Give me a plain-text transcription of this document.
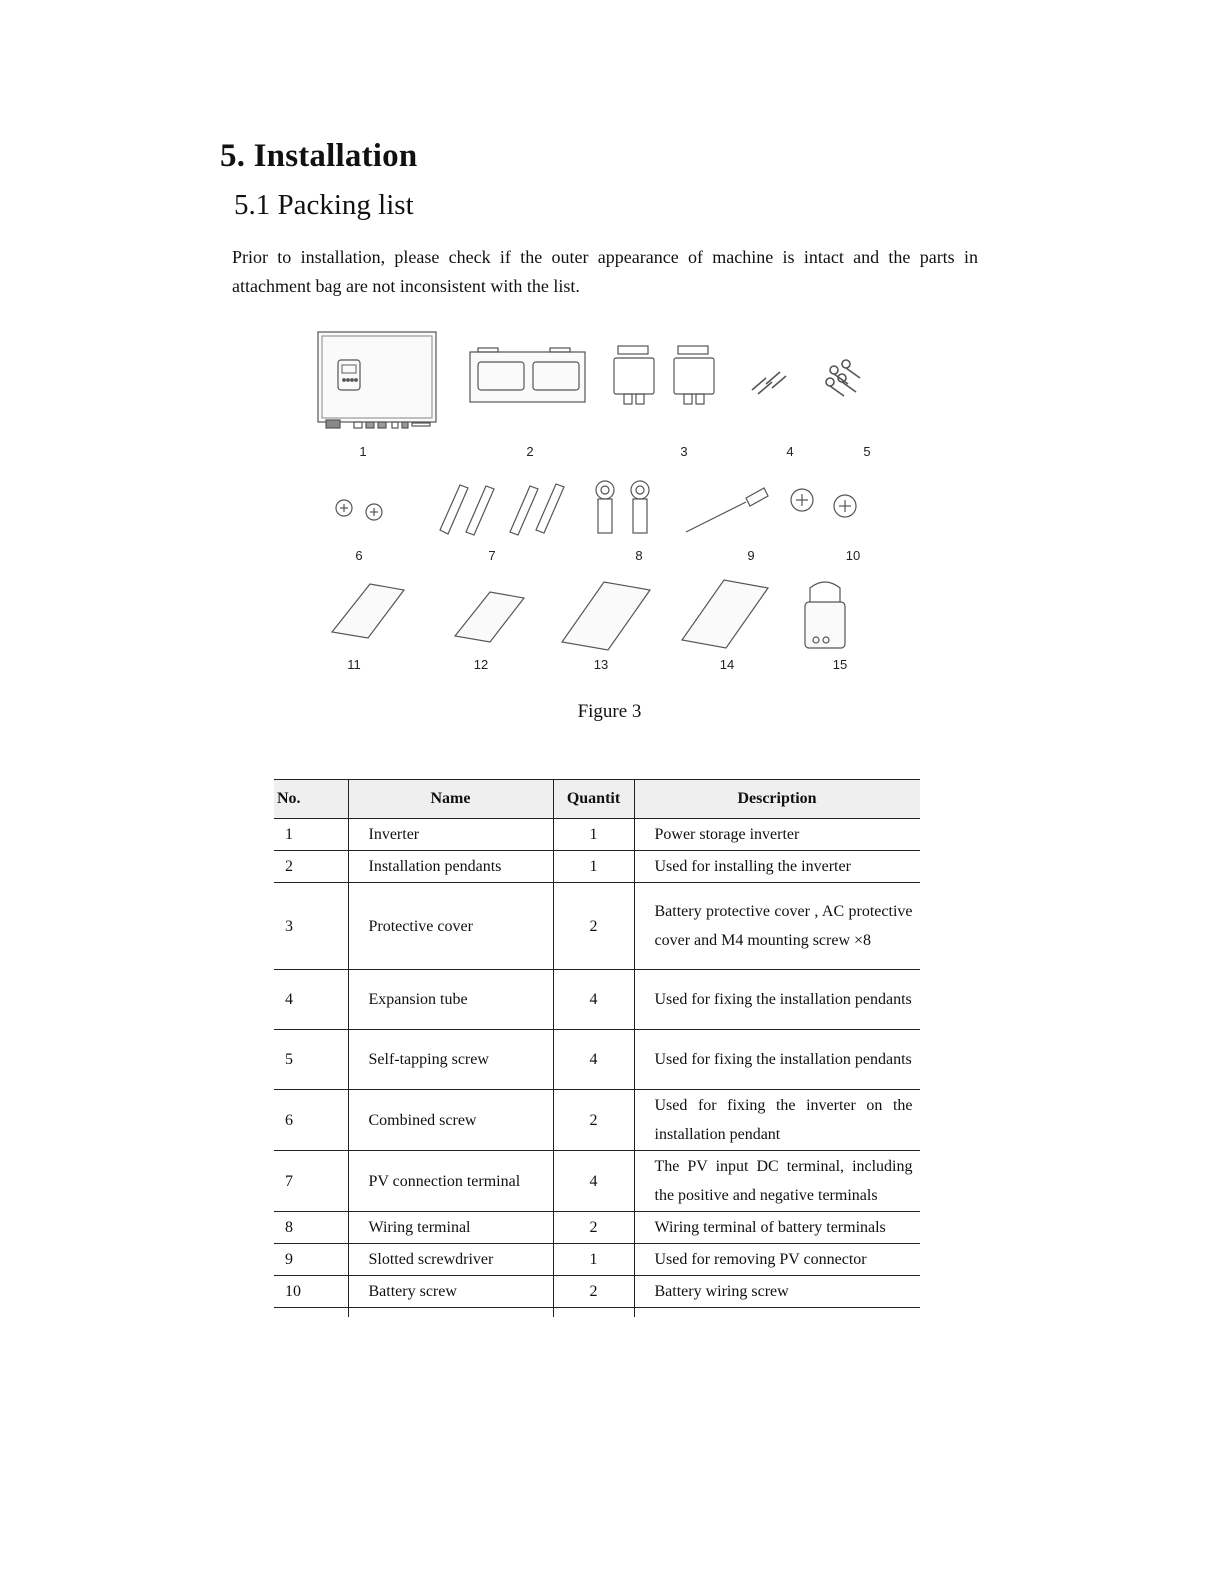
5. Installation
5.1 Packing list

Prior to installation, please check if the outer appearance of machine is intact and the parts in
attachment bag are not inconsistent with the list.

1	2	3	4	5
6	7	8	9	10
11	12	13	14	15
Figure 3
No.	Name	Quantit	Description
1	Inverter	1	Power storage inverter
2	Installation pendants	1	Used for installing the inverter
3	Protective cover	2	Battery protective cover , AC protective cover and M4 mounting screw ×8
4	Expansion tube	4	Used for fixing the installation pendants
5	Self-tapping screw	4	Used for fixing the installation pendants
6	Combined screw	2	Used for fixing the inverter on the installation pendant
7	PV connection terminal	4	The PV input DC terminal, including the positive and negative terminals
8	Wiring terminal	2	Wiring terminal of battery terminals
9	Slotted screwdriver	1	Used for removing PV connector
10	Battery screw	2	Battery wiring screw
